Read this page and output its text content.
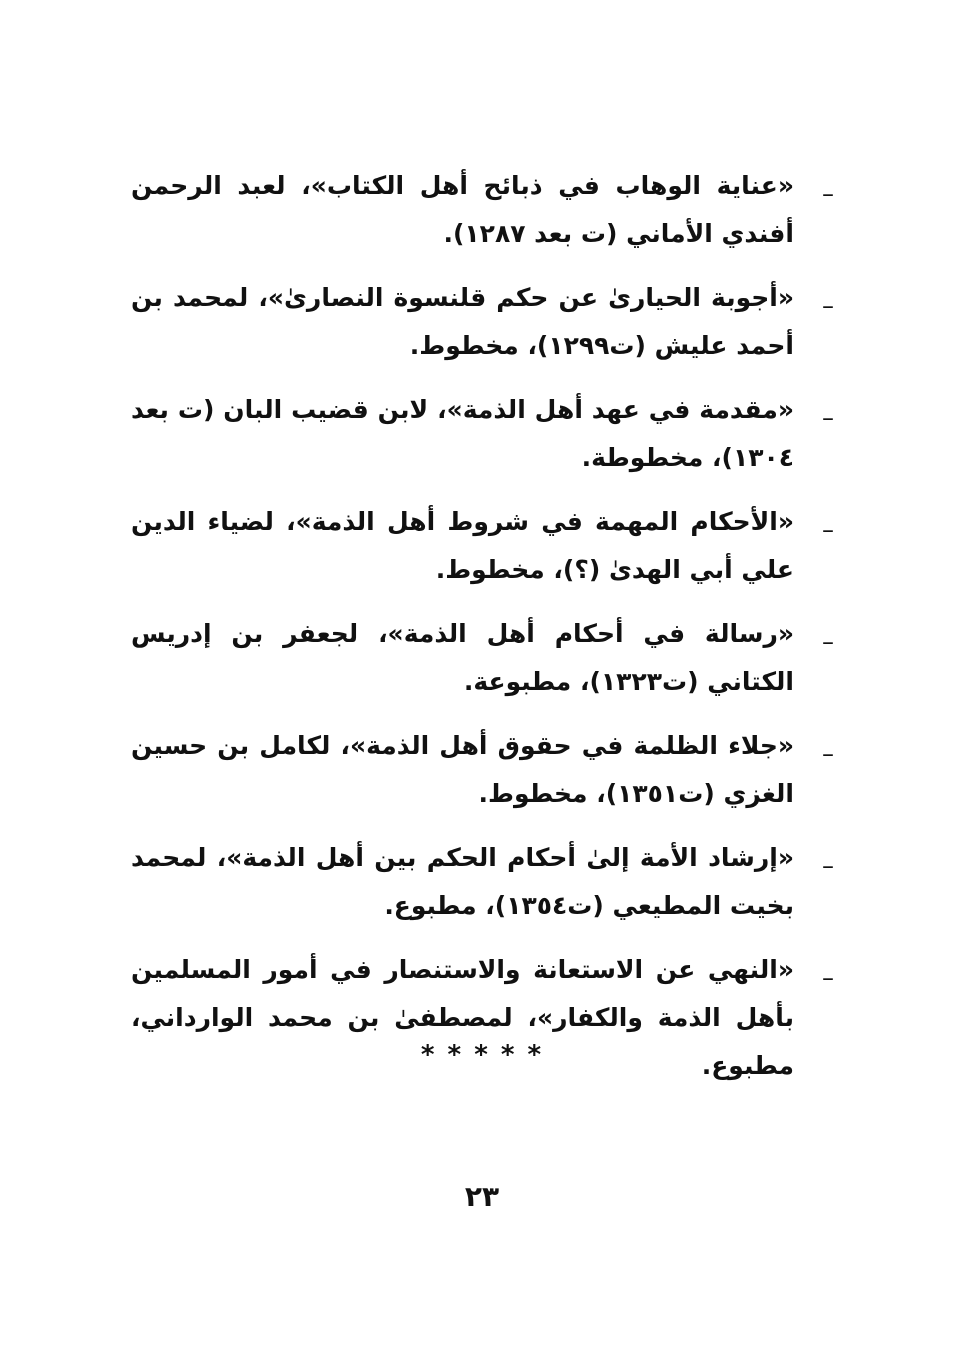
–

«عناية الوهاب في ذبائح أهل الكتاب»، لعبد الرحمن أفندي الأماني (ت بعد ١٢٨٧).

–

«أجوبة الحيارىٰ عن حكم قلنسوة النصارىٰ»، لمحمد بن أحمد عليش (ت١٢٩٩)، مخطوط.

–

«مقدمة في عهد أهل الذمة»، لابن قضيب البان (ت بعد ١٣٠٤)، مخطوطة.

–

«الأحكام المهمة في شروط أهل الذمة»، لضياء الدين علي أبي الهدىٰ (؟)، مخطوط.

–

«رسالة في أحكام أهل الذمة»، لجعفر بن إدريس الكتاني (ت١٣٢٣)، مطبوعة.

–

«جلاء الظلمة في حقوق أهل الذمة»، لكامل بن حسين الغزي (ت١٣٥١)، مخطوط.

–

«إرشاد الأمة إلىٰ أحكام الحكم بين أهل الذمة»، لمحمد بخيت المطيعي (ت١٣٥٤)، مطبوع.

–

«النهي عن الاستعانة والاستنصار في أمور المسلمين بأهل الذمة والكفار»، لمصطفىٰ بن محمد الوارداني، مطبوع.

* * * * *
٢٣
